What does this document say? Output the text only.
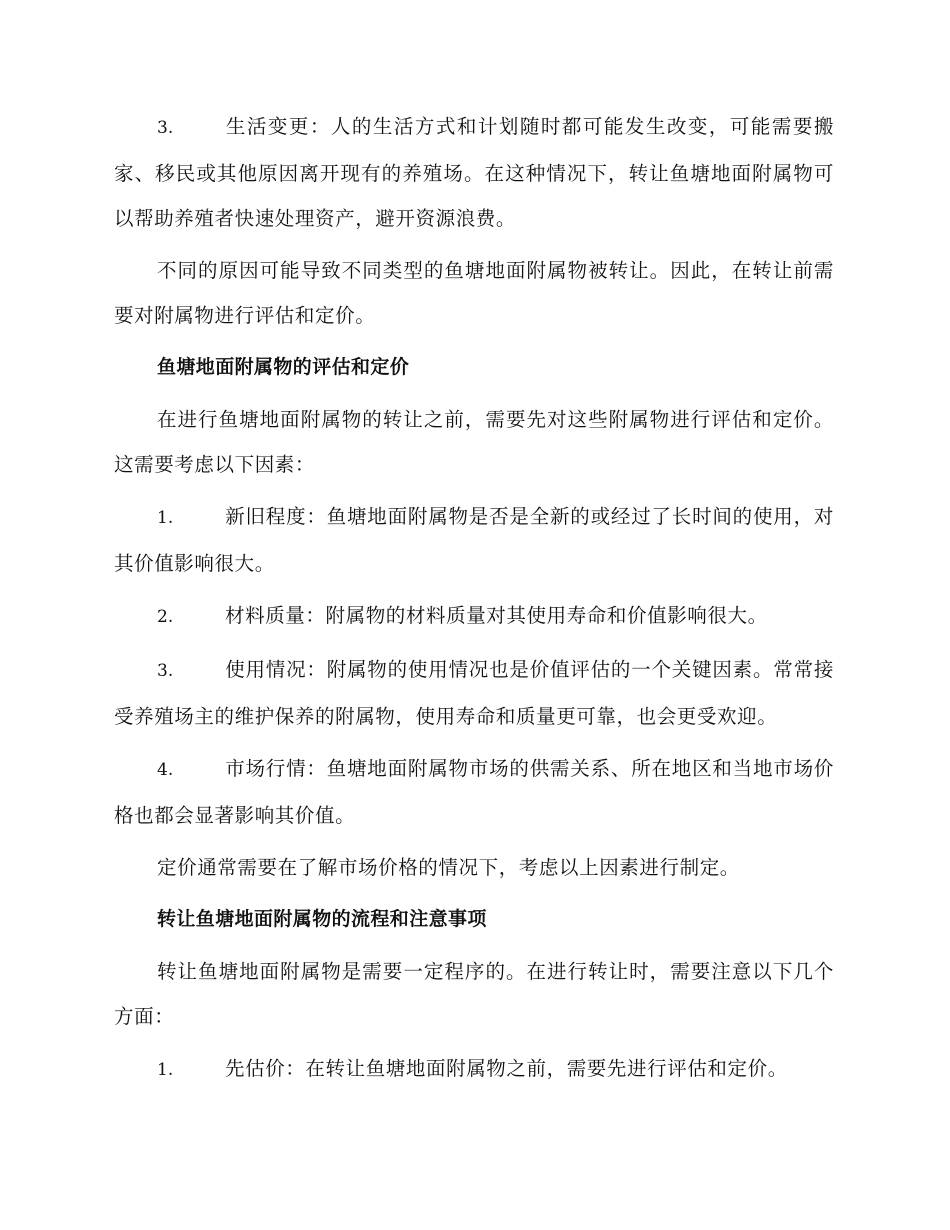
3.	生活变更：人的生活方式和计划随时都可能发生改变，可能需要搬家、移民或其他原因离开现有的养殖场。在这种情况下，转让鱼塘地面附属物可以帮助养殖者快速处理资产，避开资源浪费。

不同的原因可能导致不同类型的鱼塘地面附属物被转让。因此，在转让前需要对附属物进行评估和定价。

鱼塘地面附属物的评估和定价

在进行鱼塘地面附属物的转让之前，需要先对这些附属物进行评估和定价。这需要考虑以下因素：

1.	新旧程度：鱼塘地面附属物是否是全新的或经过了长时间的使用，对其价值影响很大。

2.	材料质量：附属物的材料质量对其使用寿命和价值影响很大。

3.	使用情况：附属物的使用情况也是价值评估的一个关键因素。常常接受养殖场主的维护保养的附属物，使用寿命和质量更可靠，也会更受欢迎。

4.	市场行情：鱼塘地面附属物市场的供需关系、所在地区和当地市场价格也都会显著影响其价值。

定价通常需要在了解市场价格的情况下，考虑以上因素进行制定。

转让鱼塘地面附属物的流程和注意事项

转让鱼塘地面附属物是需要一定程序的。在进行转让时，需要注意以下几个方面：

1.	先估价：在转让鱼塘地面附属物之前，需要先进行评估和定价。
